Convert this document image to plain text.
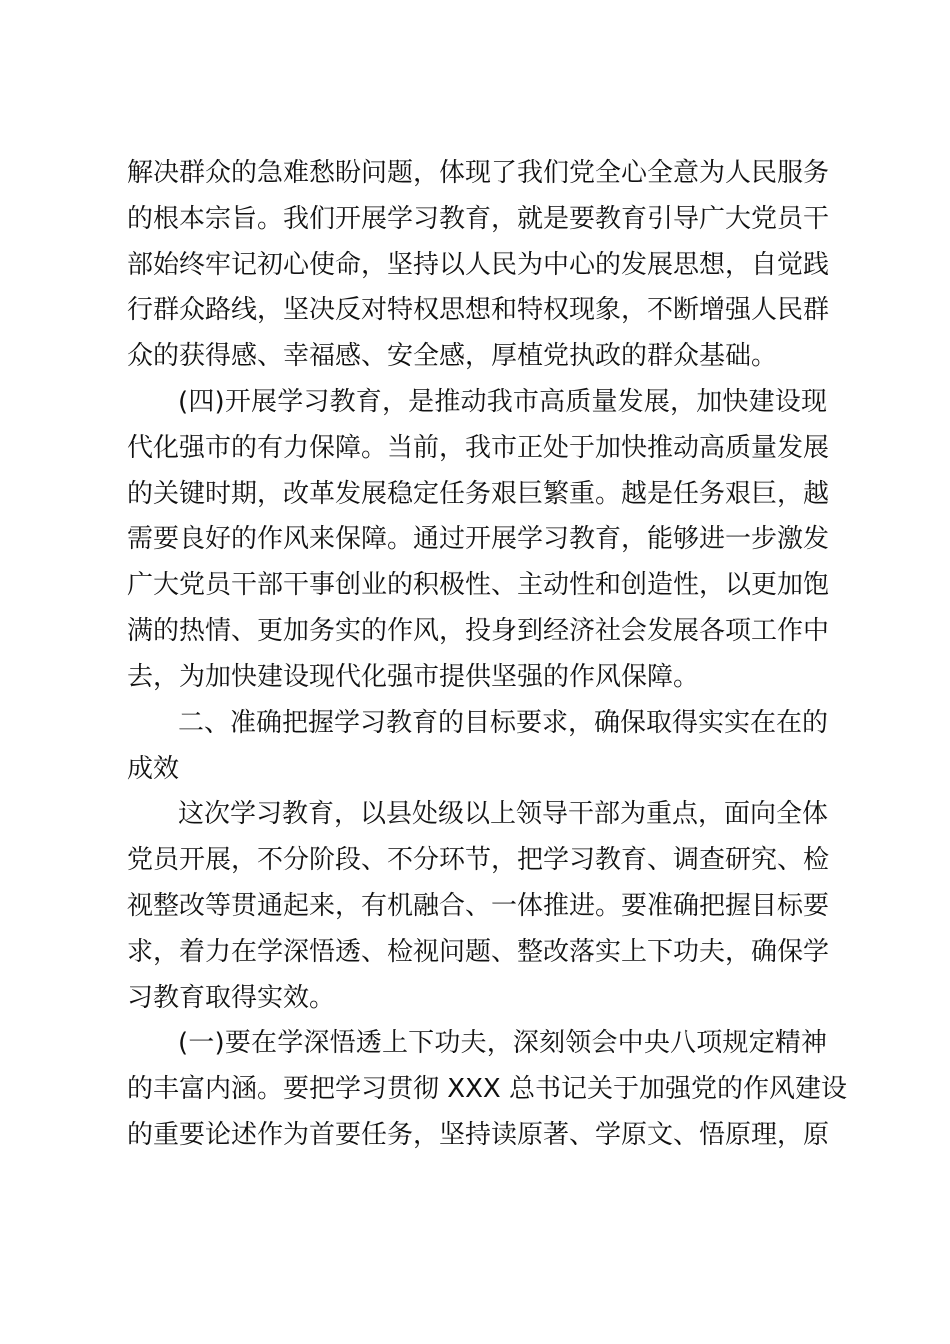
解决群众的急难愁盼问题，体现了我们党全心全意为人民服务
的根本宗旨。我们开展学习教育，就是要教育引导广大党员干
部始终牢记初心使命，坚持以人民为中心的发展思想，自觉践
行群众路线，坚决反对特权思想和特权现象，不断增强人民群
众的获得感、幸福感、安全感，厚植党执政的群众基础。
(四)开展学习教育，是推动我市高质量发展，加快建设现
代化强市的有力保障。当前，我市正处于加快推动高质量发展
的关键时期，改革发展稳定任务艰巨繁重。越是任务艰巨，越
需要良好的作风来保障。通过开展学习教育，能够进一步激发
广大党员干部干事创业的积极性、主动性和创造性，以更加饱
满的热情、更加务实的作风，投身到经济社会发展各项工作中
去，为加快建设现代化强市提供坚强的作风保障。
二、准确把握学习教育的目标要求，确保取得实实在在的
成效
这次学习教育，以县处级以上领导干部为重点，面向全体
党员开展，不分阶段、不分环节，把学习教育、调查研究、检
视整改等贯通起来，有机融合、一体推进。要准确把握目标要
求，着力在学深悟透、检视问题、整改落实上下功夫，确保学
习教育取得实效。
(一)要在学深悟透上下功夫，深刻领会中央八项规定精神
的丰富内涵。要把学习贯彻 XXX 总书记关于加强党的作风建设
的重要论述作为首要任务，坚持读原著、学原文、悟原理，原
